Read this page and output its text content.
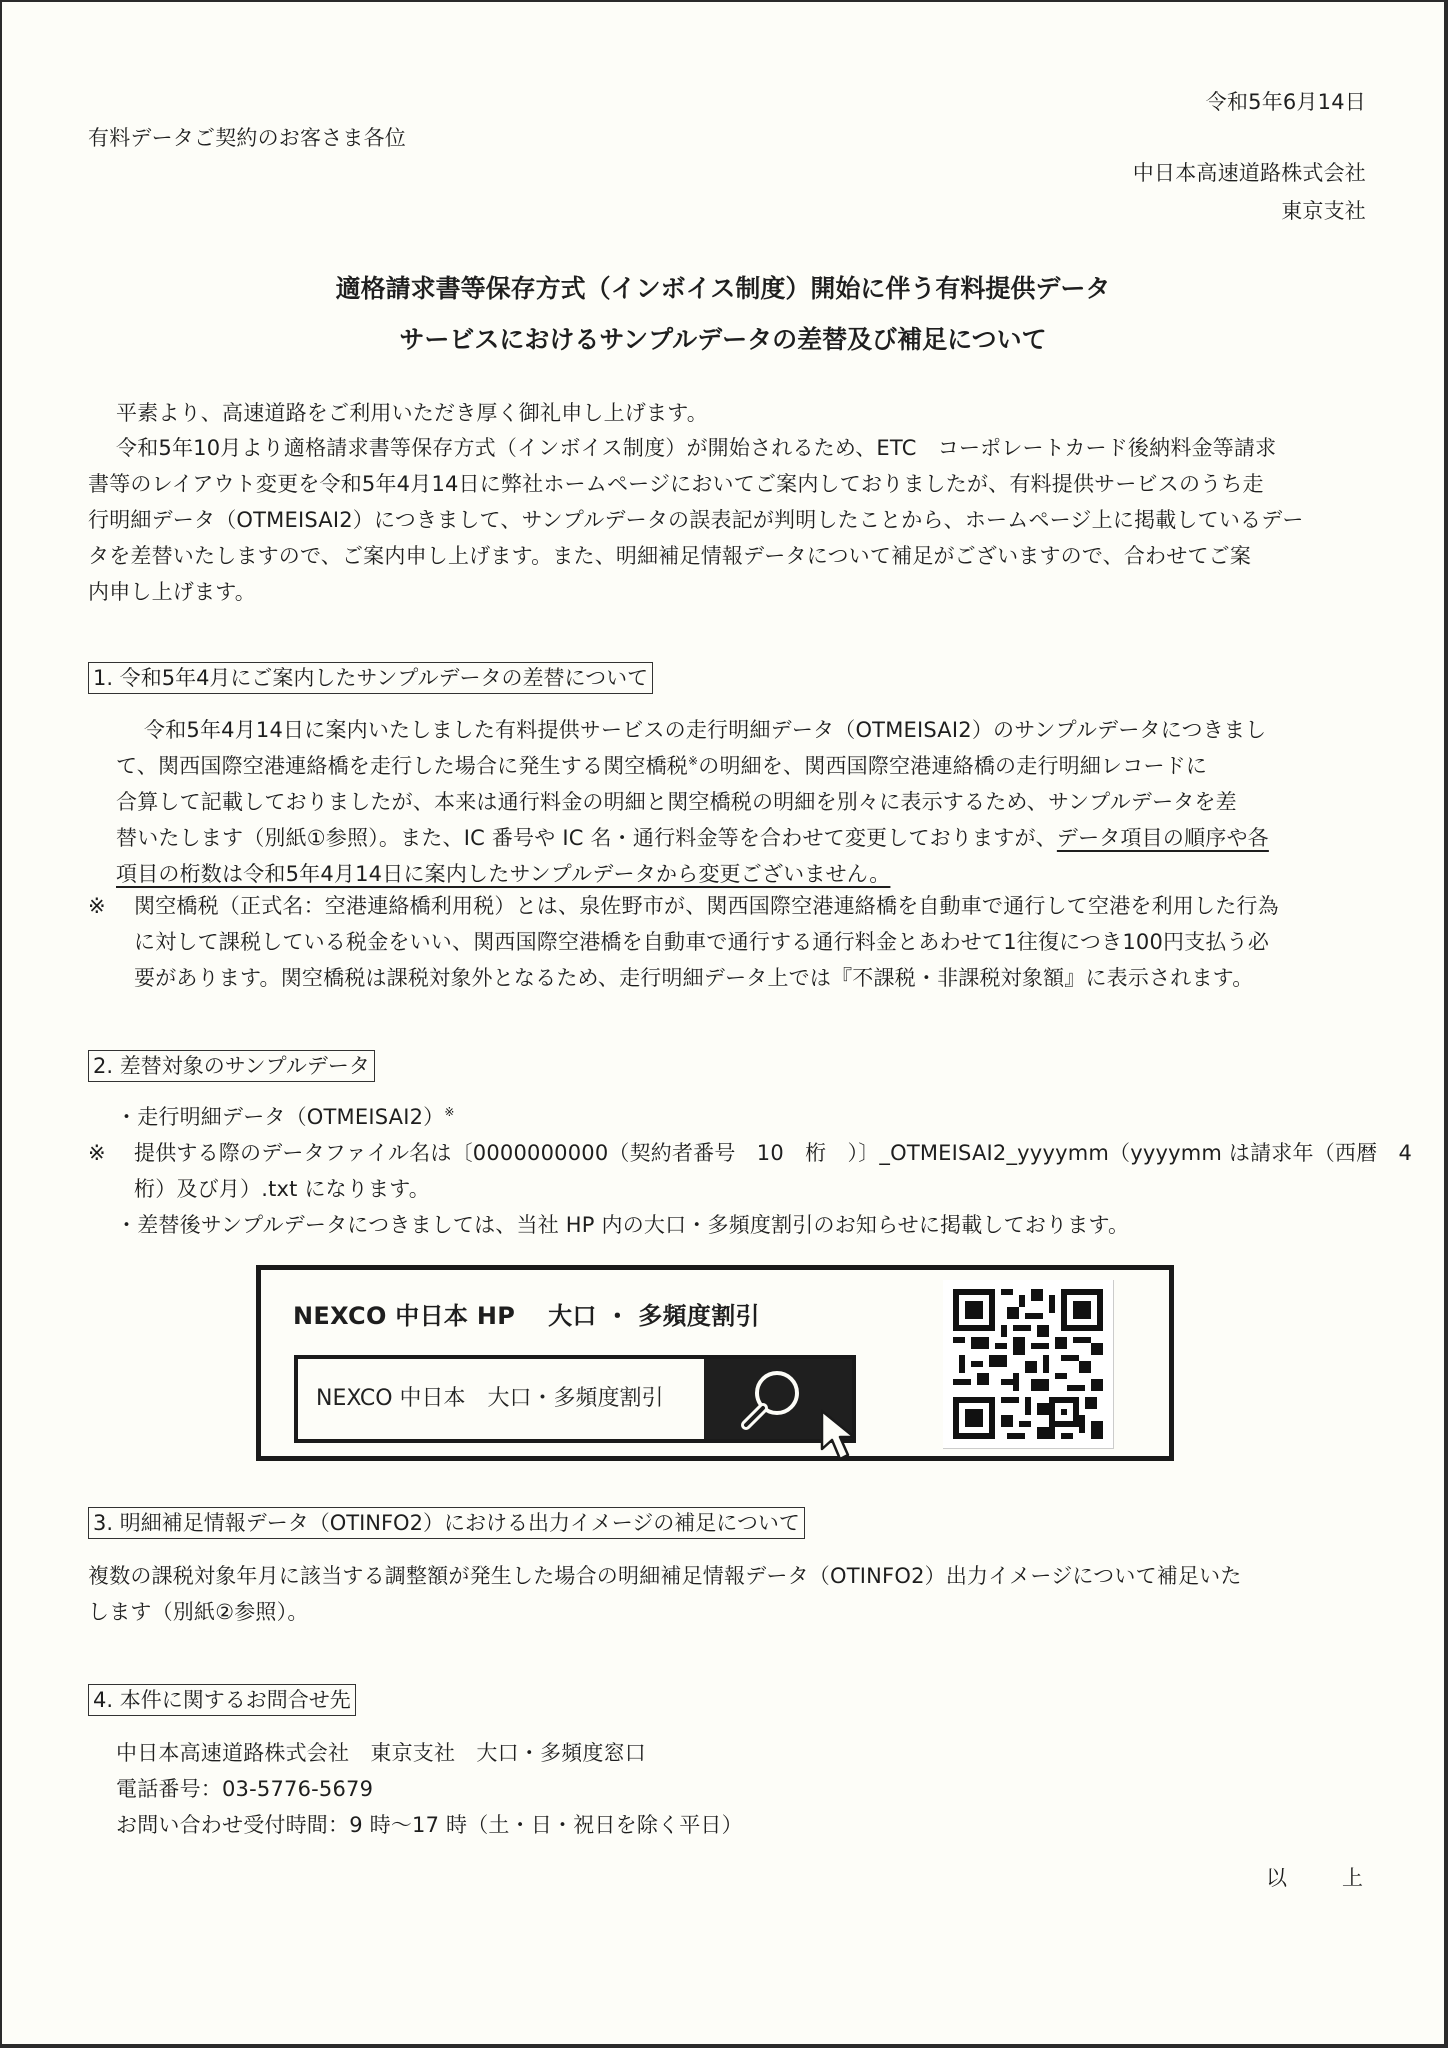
令和5年6月14日
有料データご契約のお客さま各位
中日本高速道路株式会社
東京支社
適格請求書等保存方式（インボイス制度）開始に伴う有料提供データ
サービスにおけるサンプルデータの差替及び補足について
平素より、高速道路をご利用いただき厚く御礼申し上げます。
令和5年10月より適格請求書等保存方式（インボイス制度）が開始されるため、ETC　コーポレートカード後納料金等請求
書等のレイアウト変更を令和5年4月14日に弊社ホームページにおいてご案内しておりましたが、有料提供サービスのうち走
行明細データ（OTMEISAI2）につきまして、サンプルデータの誤表記が判明したことから、ホームページ上に掲載しているデー
タを差替いたしますので、ご案内申し上げます。また、明細補足情報データについて補足がございますので、合わせてご案
内申し上げます。
1. 令和5年4月にご案内したサンプルデータの差替について
令和5年4月14日に案内いたしました有料提供サービスの走行明細データ（OTMEISAI2）のサンプルデータにつきまし
て、関西国際空港連絡橋を走行した場合に発生する関空橋税※の明細を、関西国際空港連絡橋の走行明細レコードに
合算して記載しておりましたが、本来は通行料金の明細と関空橋税の明細を別々に表示するため、サンプルデータを差
替いたします（別紙①参照）。また、IC 番号や IC 名・通行料金等を合わせて変更しておりますが、データ項目の順序や各
項目の桁数は令和5年4月14日に案内したサンプルデータから変更ございません。
※ 関空橋税（正式名：空港連絡橋利用税）とは、泉佐野市が、関西国際空港連絡橋を自動車で通行して空港を利用した行為
に対して課税している税金をいい、関西国際空港橋を自動車で通行する通行料金とあわせて1往復につき100円支払う必
要があります。関空橋税は課税対象外となるため、走行明細データ上では『不課税・非課税対象額』に表示されます。
2. 差替対象のサンプルデータ
・走行明細データ（OTMEISAI2）※
※ 提供する際のデータファイル名は〔0000000000（契約者番号　10　桁　）〕_OTMEISAI2_yyyymm（yyyymm は請求年（西暦　4
桁）及び月）.txt になります。
・差替後サンプルデータにつきましては、当社 HP 内の大口・多頻度割引のお知らせに掲載しております。
NEXCO 中日本 HP　 大口 ・ 多頻度割引
NEXCO 中日本　大口・多頻度割引
3. 明細補足情報データ（OTINFO2）における出力イメージの補足について
複数の課税対象年月に該当する調整額が発生した場合の明細補足情報データ（OTINFO2）出力イメージについて補足いた
します（別紙②参照）。
4. 本件に関するお問合せ先
中日本高速道路株式会社　東京支社　大口・多頻度窓口
電話番号：03-5776-5679
お問い合わせ受付時間：9 時～17 時（土・日・祝日を除く平日）
以	上
